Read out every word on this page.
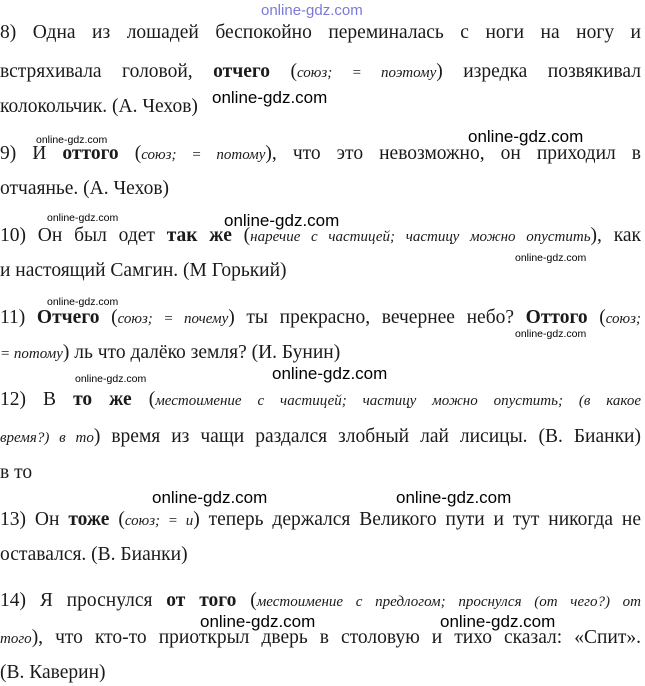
8) Одна из лошадей беспокойно переминалась с ноги на ногу и

встряхивала головой, отчего (союз; = поэтому) изредка позвякивал

колокольчик. (А. Чехов)

9) И оттого (союз; = потому), что это невозможно, он приходил в

отчаянье. (А. Чехов)

10) Он был одет так же (наречие с частицей; частицу можно опустить), как

и настоящий Самгин. (М Горький)

11) Отчего (союз; = почему) ты прекрасно, вечернее небо? Оттого (союз;

= потому) ль что далёко земля? (И. Бунин)

12) В то же (местоимение с частицей; частицу можно опустить; (в какое

время?) в то) время из чащи раздался злобный лай лисицы. (В. Бианки)

в то

13) Он тоже (союз; = и) теперь держался Великого пути и тут никогда не

оставался. (В. Бианки)

14) Я проснулся от того (местоимение с предлогом; проснулся (от чего?) от

того), что кто-то приоткрыл дверь в столовую и тихо сказал: «Спит».

(В. Каверин)

online-gdz.com
online-gdz.com
online-gdz.com	online-gdz.com
online-gdz.com	online-gdz.com
online-gdz.com
online-gdz.com
online-gdz.com
online-gdz.com	online-gdz.com
online-gdz.com	online-gdz.com
online-gdz.com	online-gdz.com
